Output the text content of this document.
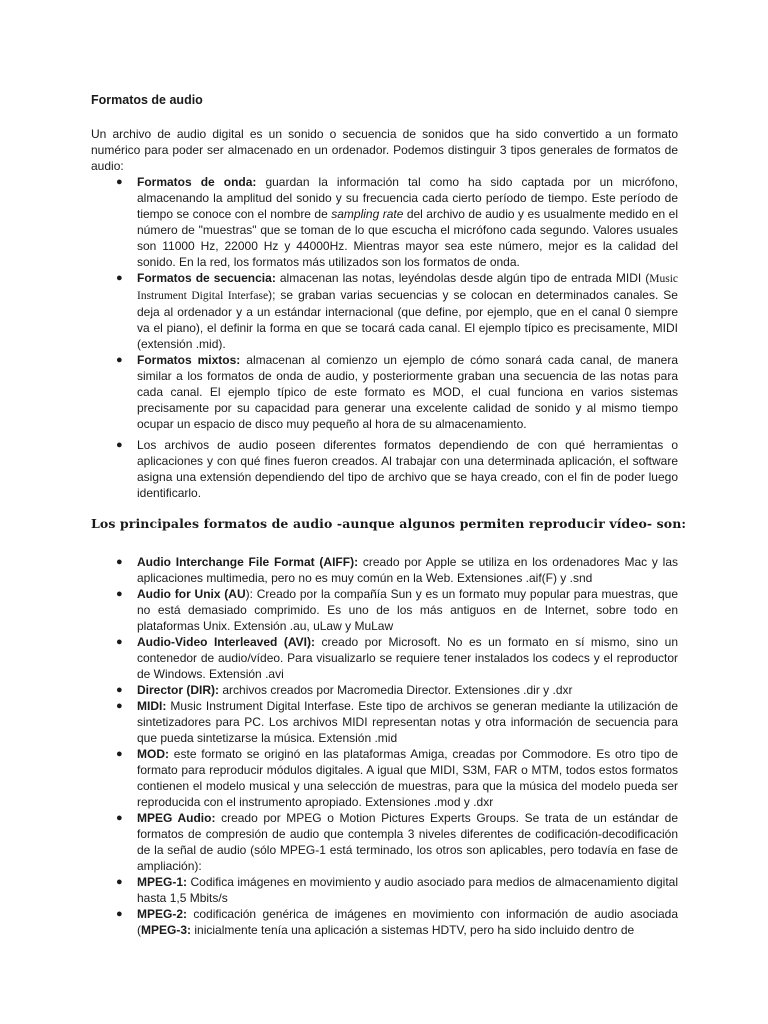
Formatos de audio

Un archivo de audio digital es un sonido o secuencia de sonidos que ha sido convertido a un formato numérico para poder ser almacenado en un ordenador. Podemos distinguir 3 tipos generales de formatos de audio:

● Formatos de onda: guardan la información tal como ha sido captada por un micrófono, almacenando la amplitud del sonido y su frecuencia cada cierto período de tiempo. Este período de tiempo se conoce con el nombre de sampling rate del archivo de audio y es usualmente medido en el número de "muestras" que se toman de lo que escucha el micrófono cada segundo. Valores usuales son 11000 Hz, 22000 Hz y 44000Hz. Mientras mayor sea este número, mejor es la calidad del sonido. En la red, los formatos más utilizados son los formatos de onda.
● Formatos de secuencia: almacenan las notas, leyéndolas desde algún tipo de entrada MIDI (Music Instrument Digital Interfase); se graban varias secuencias y se colocan en determinados canales. Se deja al ordenador y a un estándar internacional (que define, por ejemplo, que en el canal 0 siempre va el piano), el definir la forma en que se tocará cada canal. El ejemplo típico es precisamente, MIDI (extensión .mid).
● Formatos mixtos: almacenan al comienzo un ejemplo de cómo sonará cada canal, de manera similar a los formatos de onda de audio, y posteriormente graban una secuencia de las notas para cada canal. El ejemplo típico de este formato es MOD, el cual funciona en varios sistemas precisamente por su capacidad para generar una excelente calidad de sonido y al mismo tiempo ocupar un espacio de disco muy pequeño al hora de su almacenamiento.
● Los archivos de audio poseen diferentes formatos dependiendo de con qué herramientas o aplicaciones y con qué fines fueron creados. Al trabajar con una determinada aplicación, el software asigna una extensión dependiendo del tipo de archivo que se haya creado, con el fin de poder luego identificarlo.

Los principales formatos de audio -aunque algunos permiten reproducir vídeo- son:

● Audio Interchange File Format (AIFF): creado por Apple se utiliza en los ordenadores Mac y las aplicaciones multimedia, pero no es muy común en la Web. Extensiones .aif(F) y .snd
● Audio for Unix (AU): Creado por la compañía Sun y es un formato muy popular para muestras, que no está demasiado comprimido. Es uno de los más antiguos en de Internet, sobre todo en plataformas Unix. Extensión .au, uLaw y MuLaw
● Audio-Video Interleaved (AVI): creado por Microsoft. No es un formato en sí mismo, sino un contenedor de audio/vídeo. Para visualizarlo se requiere tener instalados los codecs y el reproductor de Windows. Extensión .avi
● Director (DIR): archivos creados por Macromedia Director. Extensiones .dir y .dxr
● MIDI: Music Instrument Digital Interfase. Este tipo de archivos se generan mediante la utilización de sintetizadores para PC. Los archivos MIDI representan notas y otra información de secuencia para que pueda sintetizarse la música. Extensión .mid
● MOD: este formato se originó en las plataformas Amiga, creadas por Commodore. Es otro tipo de formato para reproducir módulos digitales. A igual que MIDI, S3M, FAR o MTM, todos estos formatos contienen el modelo musical y una selección de muestras, para que la música del modelo pueda ser reproducida con el instrumento apropiado. Extensiones .mod y .dxr
● MPEG Audio: creado por MPEG o Motion Pictures Experts Groups. Se trata de un estándar de formatos de compresión de audio que contempla 3 niveles diferentes de codificación-decodificación de la señal de audio (sólo MPEG-1 está terminado, los otros son aplicables, pero todavía en fase de ampliación):
● MPEG-1: Codifica imágenes en movimiento y audio asociado para medios de almacenamiento digital hasta 1,5 Mbits/s
● MPEG-2: codificación genérica de imágenes en movimiento con información de audio asociada (MPEG-3: inicialmente tenía una aplicación a sistemas HDTV, pero ha sido incluido dentro de
